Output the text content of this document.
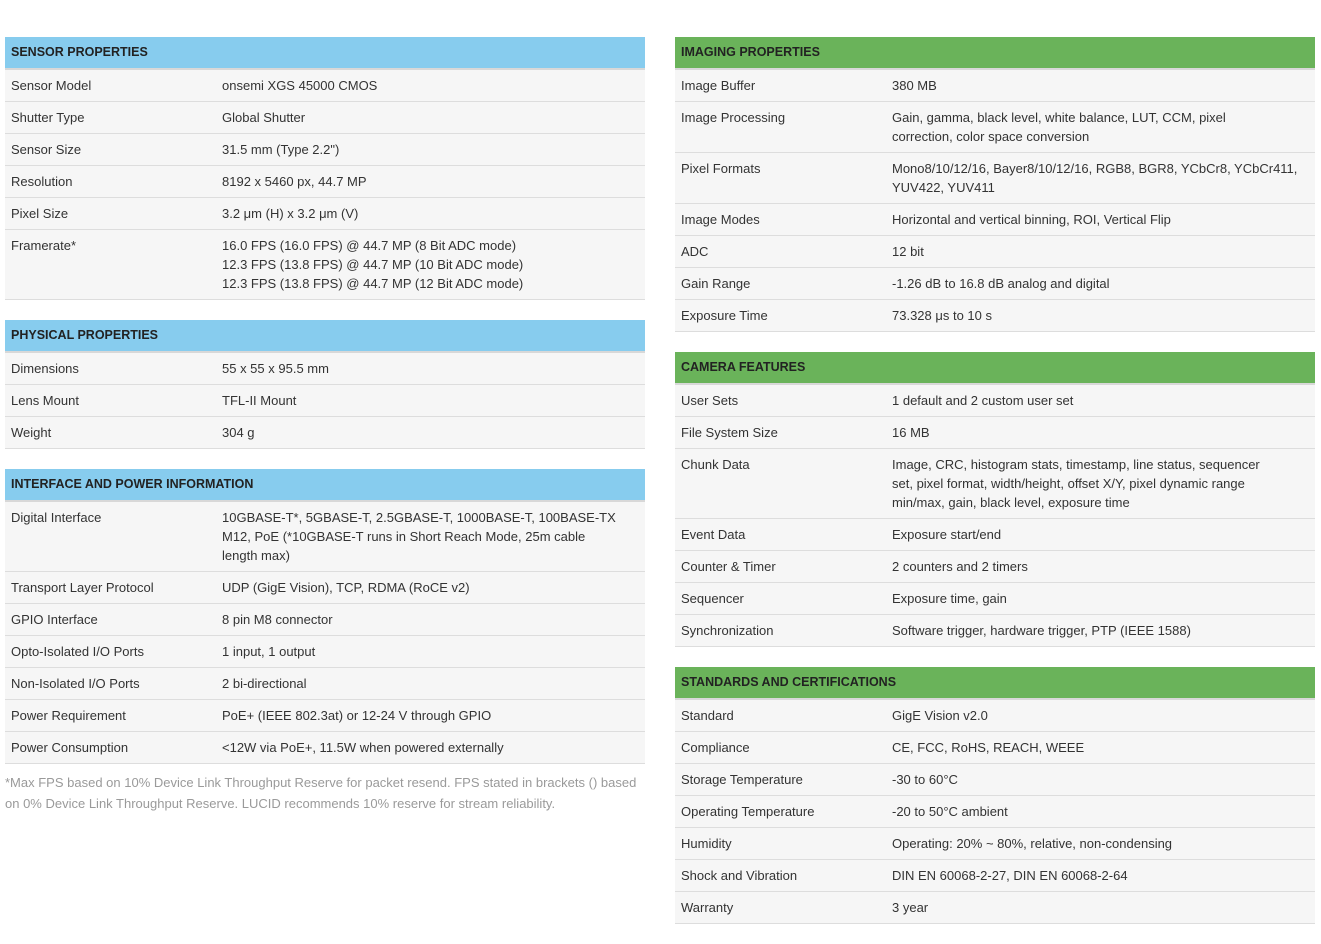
SENSOR PROPERTIES
Sensor Model	onsemi XGS 45000 CMOS
Shutter Type	Global Shutter
Sensor Size	31.5 mm (Type 2.2")
Resolution	8192 x 5460 px, 44.7 MP
Pixel Size	3.2 μm (H) x 3.2 μm (V)
Framerate*	16.0 FPS (16.0 FPS) @ 44.7 MP (8 Bit ADC mode)
12.3 FPS (13.8 FPS) @ 44.7 MP (10 Bit ADC mode)
12.3 FPS (13.8 FPS) @ 44.7 MP (12 Bit ADC mode)
PHYSICAL PROPERTIES
Dimensions	55 x 55 x 95.5 mm
Lens Mount	TFL-II Mount
Weight	304 g
INTERFACE AND POWER INFORMATION
Digital Interface	10GBASE-T*, 5GBASE-T, 2.5GBASE-T, 1000BASE-T, 100BASE-TX
M12, PoE (*10GBASE-T runs in Short Reach Mode, 25m cable
length max)
Transport Layer Protocol	UDP (GigE Vision), TCP, RDMA (RoCE v2)
GPIO Interface	8 pin M8 connector
Opto-Isolated I/O Ports	1 input, 1 output
Non-Isolated I/O Ports	2 bi-directional
Power Requirement	PoE+ (IEEE 802.3at) or 12-24 V through GPIO
Power Consumption	<12W via PoE+, 11.5W when powered externally
*Max FPS based on 10% Device Link Throughput Reserve for packet resend. FPS stated in brackets () based on 0% Device Link Throughput Reserve. LUCID recommends 10% reserve for stream reliability.
IMAGING PROPERTIES
Image Buffer	380 MB
Image Processing	Gain, gamma, black level, white balance, LUT, CCM, pixel
correction, color space conversion
Pixel Formats	Mono8/10/12/16, Bayer8/10/12/16, RGB8, BGR8, YCbCr8, YCbCr411,
YUV422, YUV411
Image Modes	Horizontal and vertical binning, ROI, Vertical Flip
ADC	12 bit
Gain Range	-1.26 dB to 16.8 dB analog and digital
Exposure Time	73.328 μs to 10 s
CAMERA FEATURES
User Sets	1 default and 2 custom user set
File System Size	16 MB
Chunk Data	Image, CRC, histogram stats, timestamp, line status, sequencer
set, pixel format, width/height, offset X/Y, pixel dynamic range
min/max, gain, black level, exposure time
Event Data	Exposure start/end
Counter & Timer	2 counters and 2 timers
Sequencer	Exposure time, gain
Synchronization	Software trigger, hardware trigger, PTP (IEEE 1588)
STANDARDS AND CERTIFICATIONS
Standard	GigE Vision v2.0
Compliance	CE, FCC, RoHS, REACH, WEEE
Storage Temperature	-30 to 60°C
Operating Temperature	-20 to 50°C ambient
Humidity	Operating: 20% ~ 80%, relative, non-condensing
Shock and Vibration	DIN EN 60068-2-27, DIN EN 60068-2-64
Warranty	3 year
